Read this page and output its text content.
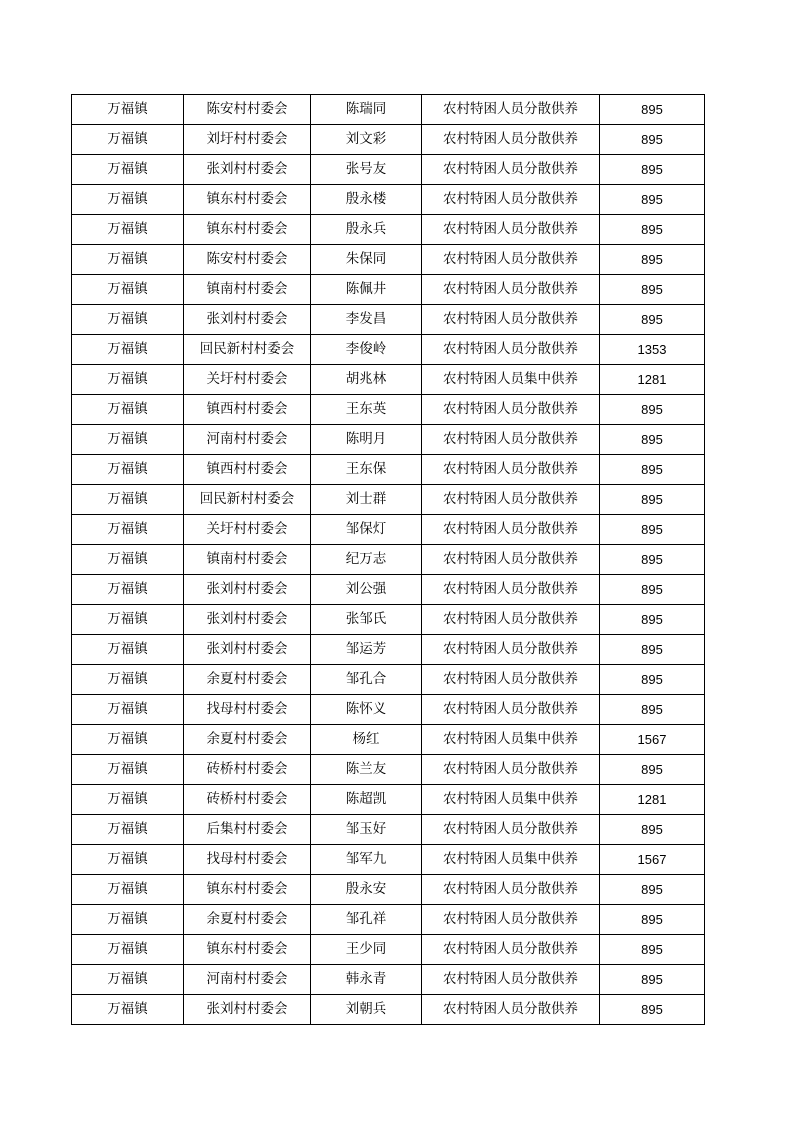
万福镇	陈安村村委会	陈瑞同	农村特困人员分散供养	895
万福镇	刘圩村村委会	刘文彩	农村特困人员分散供养	895
万福镇	张刘村村委会	张号友	农村特困人员分散供养	895
万福镇	镇东村村委会	殷永楼	农村特困人员分散供养	895
万福镇	镇东村村委会	殷永兵	农村特困人员分散供养	895
万福镇	陈安村村委会	朱保同	农村特困人员分散供养	895
万福镇	镇南村村委会	陈佩井	农村特困人员分散供养	895
万福镇	张刘村村委会	李发昌	农村特困人员分散供养	895
万福镇	回民新村村委会	李俊岭	农村特困人员分散供养	1353
万福镇	关圩村村委会	胡兆林	农村特困人员集中供养	1281
万福镇	镇西村村委会	王东英	农村特困人员分散供养	895
万福镇	河南村村委会	陈明月	农村特困人员分散供养	895
万福镇	镇西村村委会	王东保	农村特困人员分散供养	895
万福镇	回民新村村委会	刘士群	农村特困人员分散供养	895
万福镇	关圩村村委会	邹保灯	农村特困人员分散供养	895
万福镇	镇南村村委会	纪万志	农村特困人员分散供养	895
万福镇	张刘村村委会	刘公强	农村特困人员分散供养	895
万福镇	张刘村村委会	张邹氏	农村特困人员分散供养	895
万福镇	张刘村村委会	邹运芳	农村特困人员分散供养	895
万福镇	余夏村村委会	邹孔合	农村特困人员分散供养	895
万福镇	找母村村委会	陈怀义	农村特困人员分散供养	895
万福镇	余夏村村委会	杨红	农村特困人员集中供养	1567
万福镇	砖桥村村委会	陈兰友	农村特困人员分散供养	895
万福镇	砖桥村村委会	陈超凯	农村特困人员集中供养	1281
万福镇	后集村村委会	邹玉好	农村特困人员分散供养	895
万福镇	找母村村委会	邹军九	农村特困人员集中供养	1567
万福镇	镇东村村委会	殷永安	农村特困人员分散供养	895
万福镇	余夏村村委会	邹孔祥	农村特困人员分散供养	895
万福镇	镇东村村委会	王少同	农村特困人员分散供养	895
万福镇	河南村村委会	韩永青	农村特困人员分散供养	895
万福镇	张刘村村委会	刘朝兵	农村特困人员分散供养	895
